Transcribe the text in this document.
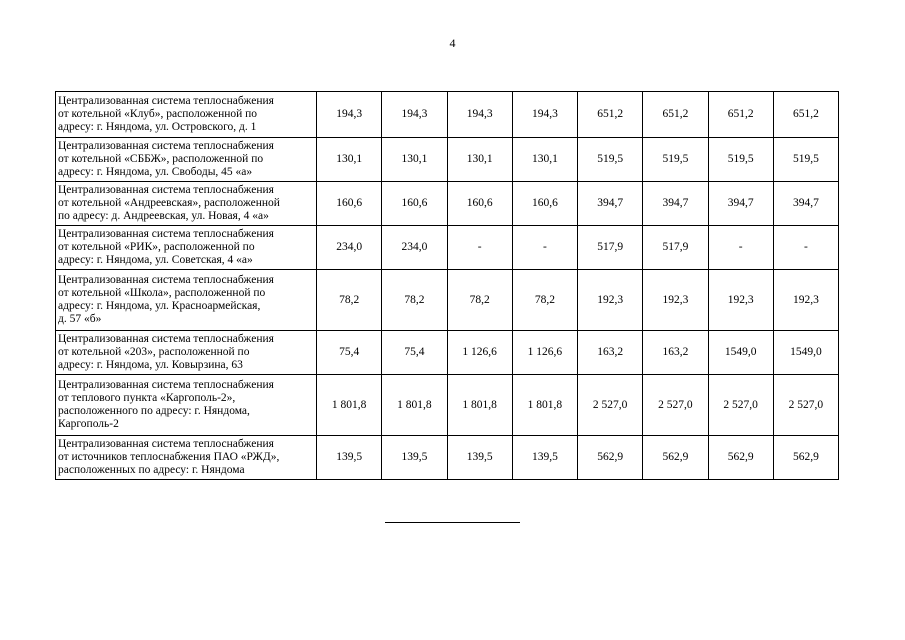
4
Централизованная система теплоснабжения
от котельной «Клуб», расположенной по
адресу: г. Няндома, ул. Островского, д. 1	194,3	194,3	194,3	194,3	651,2	651,2	651,2	651,2

Централизованная система теплоснабжения
от котельной «СББЖ», расположенной по
адресу: г. Няндома, ул. Свободы, 45 «а»	130,1	130,1	130,1	130,1	519,5	519,5	519,5	519,5

Централизованная система теплоснабжения
от котельной «Андреевская», расположенной
по адресу: д. Андреевская, ул. Новая, 4 «а»	160,6	160,6	160,6	160,6	394,7	394,7	394,7	394,7

Централизованная система теплоснабжения
от котельной «РИК», расположенной по
адресу: г. Няндома, ул. Советская, 4 «а»	234,0	234,0	-	-	517,9	517,9	-	-

Централизованная система теплоснабжения
от котельной «Школа», расположенной по
адресу: г. Няндома, ул. Красноармейская,
д. 57 «б»	78,2	78,2	78,2	78,2	192,3	192,3	192,3	192,3

Централизованная система теплоснабжения
от котельной «203», расположенной по
адресу: г. Няндома, ул. Ковырзина, 63	75,4	75,4	1 126,6	1 126,6	163,2	163,2	1549,0	1549,0

Централизованная система теплоснабжения
от теплового пункта «Каргополь-2»,
расположенного по адресу: г. Няндома,
Каргополь-2	1 801,8	1 801,8	1 801,8	1 801,8	2 527,0	2 527,0	2 527,0	2 527,0

Централизованная система теплоснабжения
от источников теплоснабжения ПАО «РЖД»,
расположенных по адресу: г. Няндома	139,5	139,5	139,5	139,5	562,9	562,9	562,9	562,9
